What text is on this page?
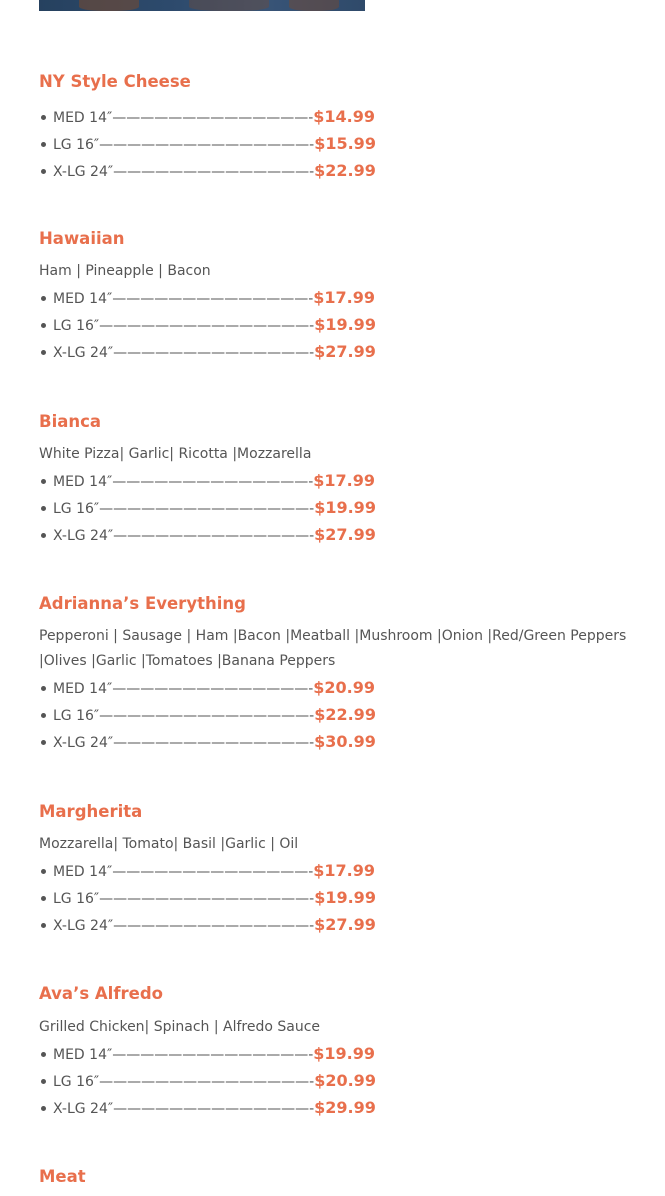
NY Style Cheese
MED 14″——————————————-$14.99
LG 16″———————————————-$15.99
X-LG 24″——————————————-$22.99
Hawaiian

Ham | Pineapple | Bacon

MED 14″——————————————-$17.99
LG 16″———————————————-$19.99
X-LG 24″——————————————-$27.99
Bianca

White Pizza| Garlic| Ricotta |Mozzarella

MED 14″——————————————-$17.99
LG 16″———————————————-$19.99
X-LG 24″——————————————-$27.99
Adrianna’s Everything

Pepperoni | Sausage | Ham |Bacon |Meatball |Mushroom |Onion |Red/Green Peppers |Olives |Garlic |Tomatoes |Banana Peppers

MED 14″——————————————-$20.99
LG 16″———————————————-$22.99
X-LG 24″——————————————-$30.99
Margherita

Mozzarella| Tomato| Basil |Garlic | Oil

MED 14″——————————————-$17.99
LG 16″———————————————-$19.99
X-LG 24″——————————————-$27.99
Ava’s Alfredo

Grilled Chicken| Spinach | Alfredo Sauce

MED 14″——————————————-$19.99
LG 16″———————————————-$20.99
X-LG 24″——————————————-$29.99
Meat
